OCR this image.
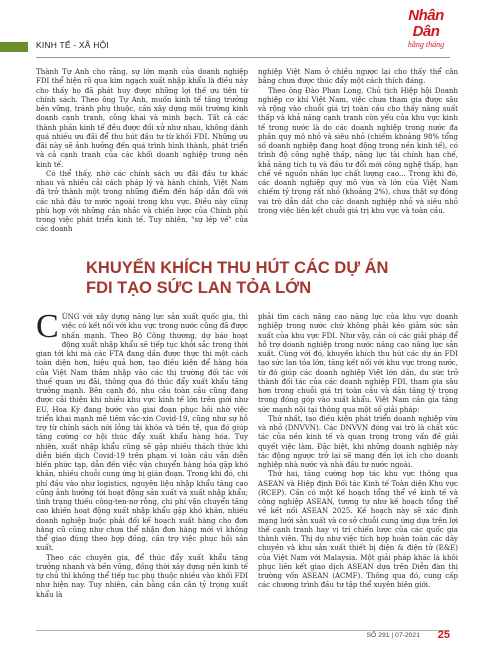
KINH TẾ - XÃ HỘI
Nhân Dân
hằng tháng

Thành Tự Anh cho rằng, sự lớn mạnh của doanh nghiệp FDI thể hiện rõ qua kim ngạch xuất nhập khẩu là điều này cho thấy họ đã phát huy được những lợi thế ưu tiên từ chính sách. Theo ông Tự Anh, muốn kinh tế tăng trưởng bền vững, tránh phụ thuộc, cần xây dựng môi trường kinh doanh cạnh tranh, công khai và minh bạch. Tất cả các thành phần kinh tế đều được đối xử như nhau, không dành quá nhiều ưu đãi để thu hút đầu tư từ khối FDI. Những ưu đãi này sẽ ảnh hưởng đến quá trình hình thành, phát triển và cả cạnh tranh của các khối doanh nghiệp trong nền kinh tế.

Có thể thấy, nhờ các chính sách ưu đãi đầu tư khác nhau và nhiều cải cách pháp lý và hành chính, Việt Nam đã trở thành một trong những điểm đến hấp dẫn đối với các nhà đầu tư nước ngoài trong khu vực. Điều này cũng phù hợp với những cản nhắc và chiến lược của Chính phủ trong việc phát triển kinh tế. Tuy nhiên, "sự lép vế" của các doanh

nghiệp Việt Nam ở chiều ngược lại cho thấy thể cân bằng chưa được thúc đẩy một cách thích đáng.

Theo ông Đào Phan Long, Chủ tịch Hiệp hội Doanh nghiệp cơ khí Việt Nam, việc chưa tham gia được sâu và rộng vào chuỗi giá trị toàn cầu cho thấy năng suất thấp và khả năng cạnh tranh còn yếu của khu vực kinh tế trong nước là do các doanh nghiệp trong nước đa phần quy mô nhỏ và siêu nhỏ (chiếm khoảng 98% tổng số doanh nghiệp đang hoạt động trong nền kinh tế), có trình độ công nghệ thấp, năng lực tài chính hạn chế, khả năng tích tụ và đầu tư đổi mới công nghệ thấp, hạn chế về nguồn nhân lực chất lượng cao... Trong khi đó, các doanh nghiệp quy mô vừa và lớn của Việt Nam chiếm tỷ trọng rất nhỏ (khoảng 2%), chưa thật sự đóng vai trò dẫn dắt cho các doanh nghiệp nhỏ và siêu nhỏ trong việc liên kết chuỗi giá trị khu vực và toàn cầu.

KHUYẾN KHÍCH THU HÚT CÁC DỰ ÁN FDI TẠO SỨC LAN TỎA LỚN
C ÙNG với xây dựng năng lực sản xuất quốc gia, thì việc có kết nối với khu vực trong nước cũng đã được nhấn mạnh. Theo Bộ Công thương, dự báo hoạt động xuất nhập khẩu sẽ tiếp tục khởi sắc trong thời gian tới khi mà các FTA đang dần được thực thi một cách toàn diện hơn, hiệu quả hơn, tạo điều kiện để hàng hóa của Việt Nam thâm nhập vào các thị trường đối tác với thuế quan ưu đãi, thông qua đó thúc đẩy xuất khẩu tăng trưởng mạnh. Bên cạnh đó, nhu cầu toàn cầu cũng đang được cải thiện khi nhiều khu vực kinh tế lớn trên giới như EU, Hoa Kỳ đang bước vào giai đoạn phục hồi nhờ việc triển khai mạnh mẽ tiêm vắc-xin Covid-19, cũng như sự hỗ trợ từ chính sách nới lỏng tài khóa và tiền tệ, qua đó giúp tăng cường cơ hội thúc đẩy xuất khẩu hàng hóa. Tuy nhiên, xuất nhập khẩu cũng sẽ gặp nhiều thách thức khi diễn biến dịch Covid-19 trên phạm vi toàn cầu vẫn diễn biến phức tạp, dẫn đến việc vận chuyển hàng hóa gặp khó khăn, nhiều chuỗi cung ứng bị gián đoạn. Trong khi đó, chi phí đầu vào như logistics, nguyên liệu nhập khẩu tăng cao cũng ảnh hưởng tới hoạt động sản xuất và xuất nhập khẩu; tình trạng thiếu công-ten-nơ rỗng, chi phí vận chuyển tăng cao khiến hoạt động xuất nhập khẩu gặp khó khăn, nhiều doanh nghiệp buộc phải đối kế hoạch xuất hàng cho đơn hàng cũ cũng như chưa thể nhận đơn hàng mới vì không thể giao đúng theo hợp đồng, cần trợ việc phục hồi sản xuất.

Theo các chuyên gia, để thúc đẩy xuất khẩu tăng trưởng nhanh và bền vững, đồng thời xây dựng nền kinh tế tự chủ thì không thể tiếp tục phụ thuộc nhiều vào khối FDI như hiện nay. Tuy nhiên, cần bằng cần cân tỷ trọng xuất khẩu là

phải tìm cách nâng cao năng lực của khu vực doanh nghiệp trong nước chứ không phải kéo giảm sức sản xuất của khu vực FDI. Như vậy, cần có các giải pháp để hỗ trợ doanh nghiệp trong nước nâng cao năng lực sản xuất. Cùng với đó, khuyến khích thu hút các dự án FDI tạo sức lan tỏa lớn, tăng kết nối với khu vực trong nước, từ đó giúp các doanh nghiệp Việt lớn dần, du sức trở thành đối tác của các doanh nghiệp FDI, tham gia sâu hơn trong chuỗi giá trị toàn cầu và dần tăng tỷ trọng trong đóng góp vào xuất khẩu. Việt Nam cần gia tăng sức mạnh nội tại thông qua một số giải pháp:

Thứ nhất, tạo điều kiện phát triển doanh nghiệp vừa và nhỏ (DNVVN). Các DNVVN đóng vai trò là chất xúc tác của nền kinh tế và quan trọng trong vấn đề giải quyết việc làm. Đặc biệt, khi những doanh nghiệp này tác động ngược trở lại sẽ mang đến lợi ích cho doanh nghiệp nhà nước và nhà đầu tư nước ngoài.

Thứ hai, tăng cường hợp tác khu vực thông qua ASEAN và Hiệp định Đối tác Kinh tế Toàn diện Khu vực (RCEP). Cần có một kế hoạch tổng thể về kinh tế và công nghiệp ASEAN, tương tự như kế hoạch tổng thể về kết nối ASEAN 2025. Kế hoạch này sẽ xác định mạng lưới sản xuất và cơ sở chuỗi cung ứng dựa trên lợi thế cạnh tranh hay vị trí chiến lược của các quốc gia thành viên. Thị dụ như việc tích hợp hoàn toàn các dây chuyền và khu sản xuất thiết bị điện & điện tử (E&E) của Việt Nam với Malaysia. Một giải pháp khác là khôi phục liên kết giao dịch ASEAN dựa trên Diễn đàn thị trường vốn ASEAN (ACMF). Thông qua đó, cung cấp các chương trình đầu tư tập thể xuyên biên giới.

SỐ 291 | 07-2021 25
